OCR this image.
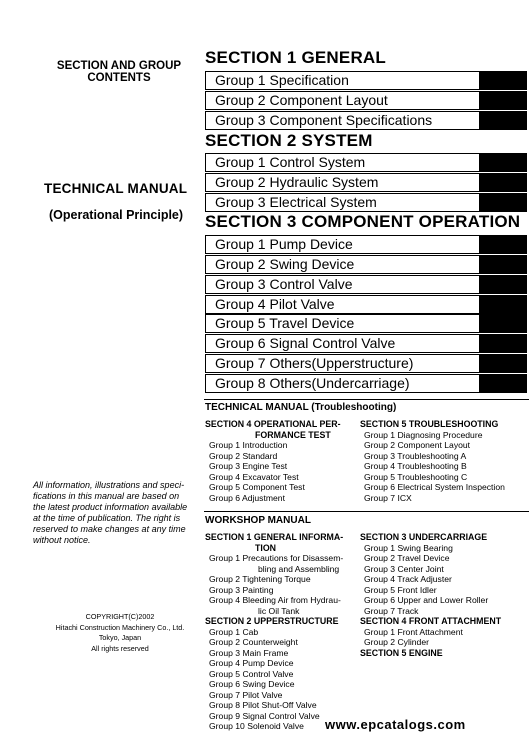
SECTION AND GROUP
CONTENTS
TECHNICAL MANUAL
(Operational Principle)
All information, illustrations and speci-
fications in this manual are based on
the latest product information available
at the time of publication. The right is
reserved to make changes at any time
without notice.
COPYRIGHT(C)2002
Hitachi Construction Machinery Co., Ltd.
Tokyo, Japan
All rights reserved
SECTION 1 GENERAL
Group 1 Specification
Group 2 Component Layout
Group 3 Component Specifications
SECTION 2 SYSTEM
Group 1 Control System
Group 2 Hydraulic System
Group 3 Electrical System
SECTION 3 COMPONENT OPERATION
Group 1 Pump Device
Group 2 Swing Device
Group 3 Control Valve
Group 4 Pilot Valve
Group 5 Travel Device
Group 6 Signal Control Valve
Group 7 Others(Upperstructure)
Group 8 Others(Undercarriage)
TECHNICAL MANUAL (Troubleshooting)
SECTION 4 OPERATIONAL PER-
FORMANCE TEST
Group 1 Introduction
Group 2 Standard
Group 3 Engine Test
Group 4 Excavator Test
Group 5 Component Test
Group 6 Adjustment
SECTION 5 TROUBLESHOOTING
Group 1 Diagnosing Procedure
Group 2 Component Layout
Group 3 Troubleshooting A
Group 4 Troubleshooting B
Group 5 Troubleshooting C
Group 6 Electrical System Inspection
Group 7 ICX
WORKSHOP MANUAL
SECTION 1 GENERAL INFORMA-
TION
Group 1 Precautions for Disassem-
bling and Assembling
Group 2 Tightening Torque
Group 3 Painting
Group 4 Bleeding Air from Hydrau-
lic Oil Tank
SECTION 2 UPPERSTRUCTURE
Group 1 Cab
Group 2 Counterweight
Group 3 Main Frame
Group 4 Pump Device
Group 5 Control Valve
Group 6 Swing Device
Group 7 Pilot Valve
Group 8 Pilot Shut-Off Valve
Group 9 Signal Control Valve
Group 10 Solenoid Valve
SECTION 3 UNDERCARRIAGE
Group 1 Swing Bearing
Group 2 Travel Device
Group 3 Center Joint
Group 4 Track Adjuster
Group 5 Front Idler
Group 6 Upper and Lower Roller
Group 7 Track
SECTION 4 FRONT ATTACHMENT
Group 1 Front Attachment
Group 2 Cylinder
SECTION 5 ENGINE
www.epcatalogs.com
